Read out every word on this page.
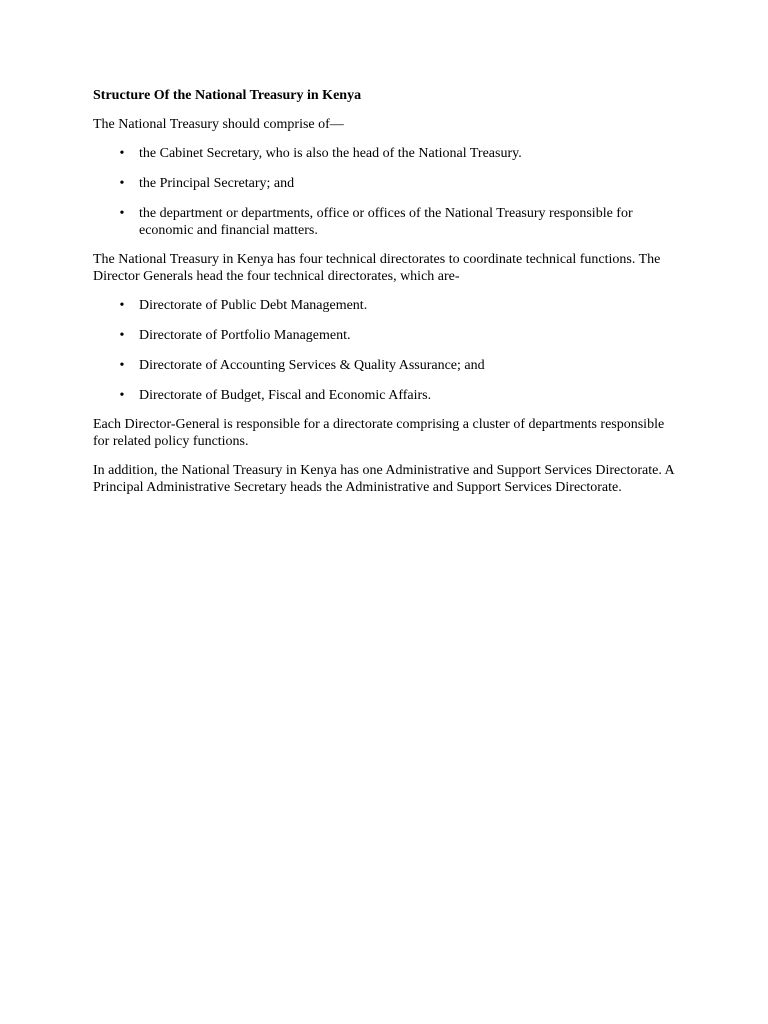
Structure Of the National Treasury in Kenya

The National Treasury should comprise of—

• the Cabinet Secretary, who is also the head of the National Treasury.
• the Principal Secretary; and
• the department or departments, office or offices of the National Treasury responsible for economic and financial matters.

The National Treasury in Kenya has four technical directorates to coordinate technical functions. The Director Generals head the four technical directorates, which are-

• Directorate of Public Debt Management.
• Directorate of Portfolio Management.
• Directorate of Accounting Services & Quality Assurance; and
• Directorate of Budget, Fiscal and Economic Affairs.

Each Director-General is responsible for a directorate comprising a cluster of departments responsible for related policy functions.

In addition, the National Treasury in Kenya has one Administrative and Support Services Directorate. A Principal Administrative Secretary heads the Administrative and Support Services Directorate.
